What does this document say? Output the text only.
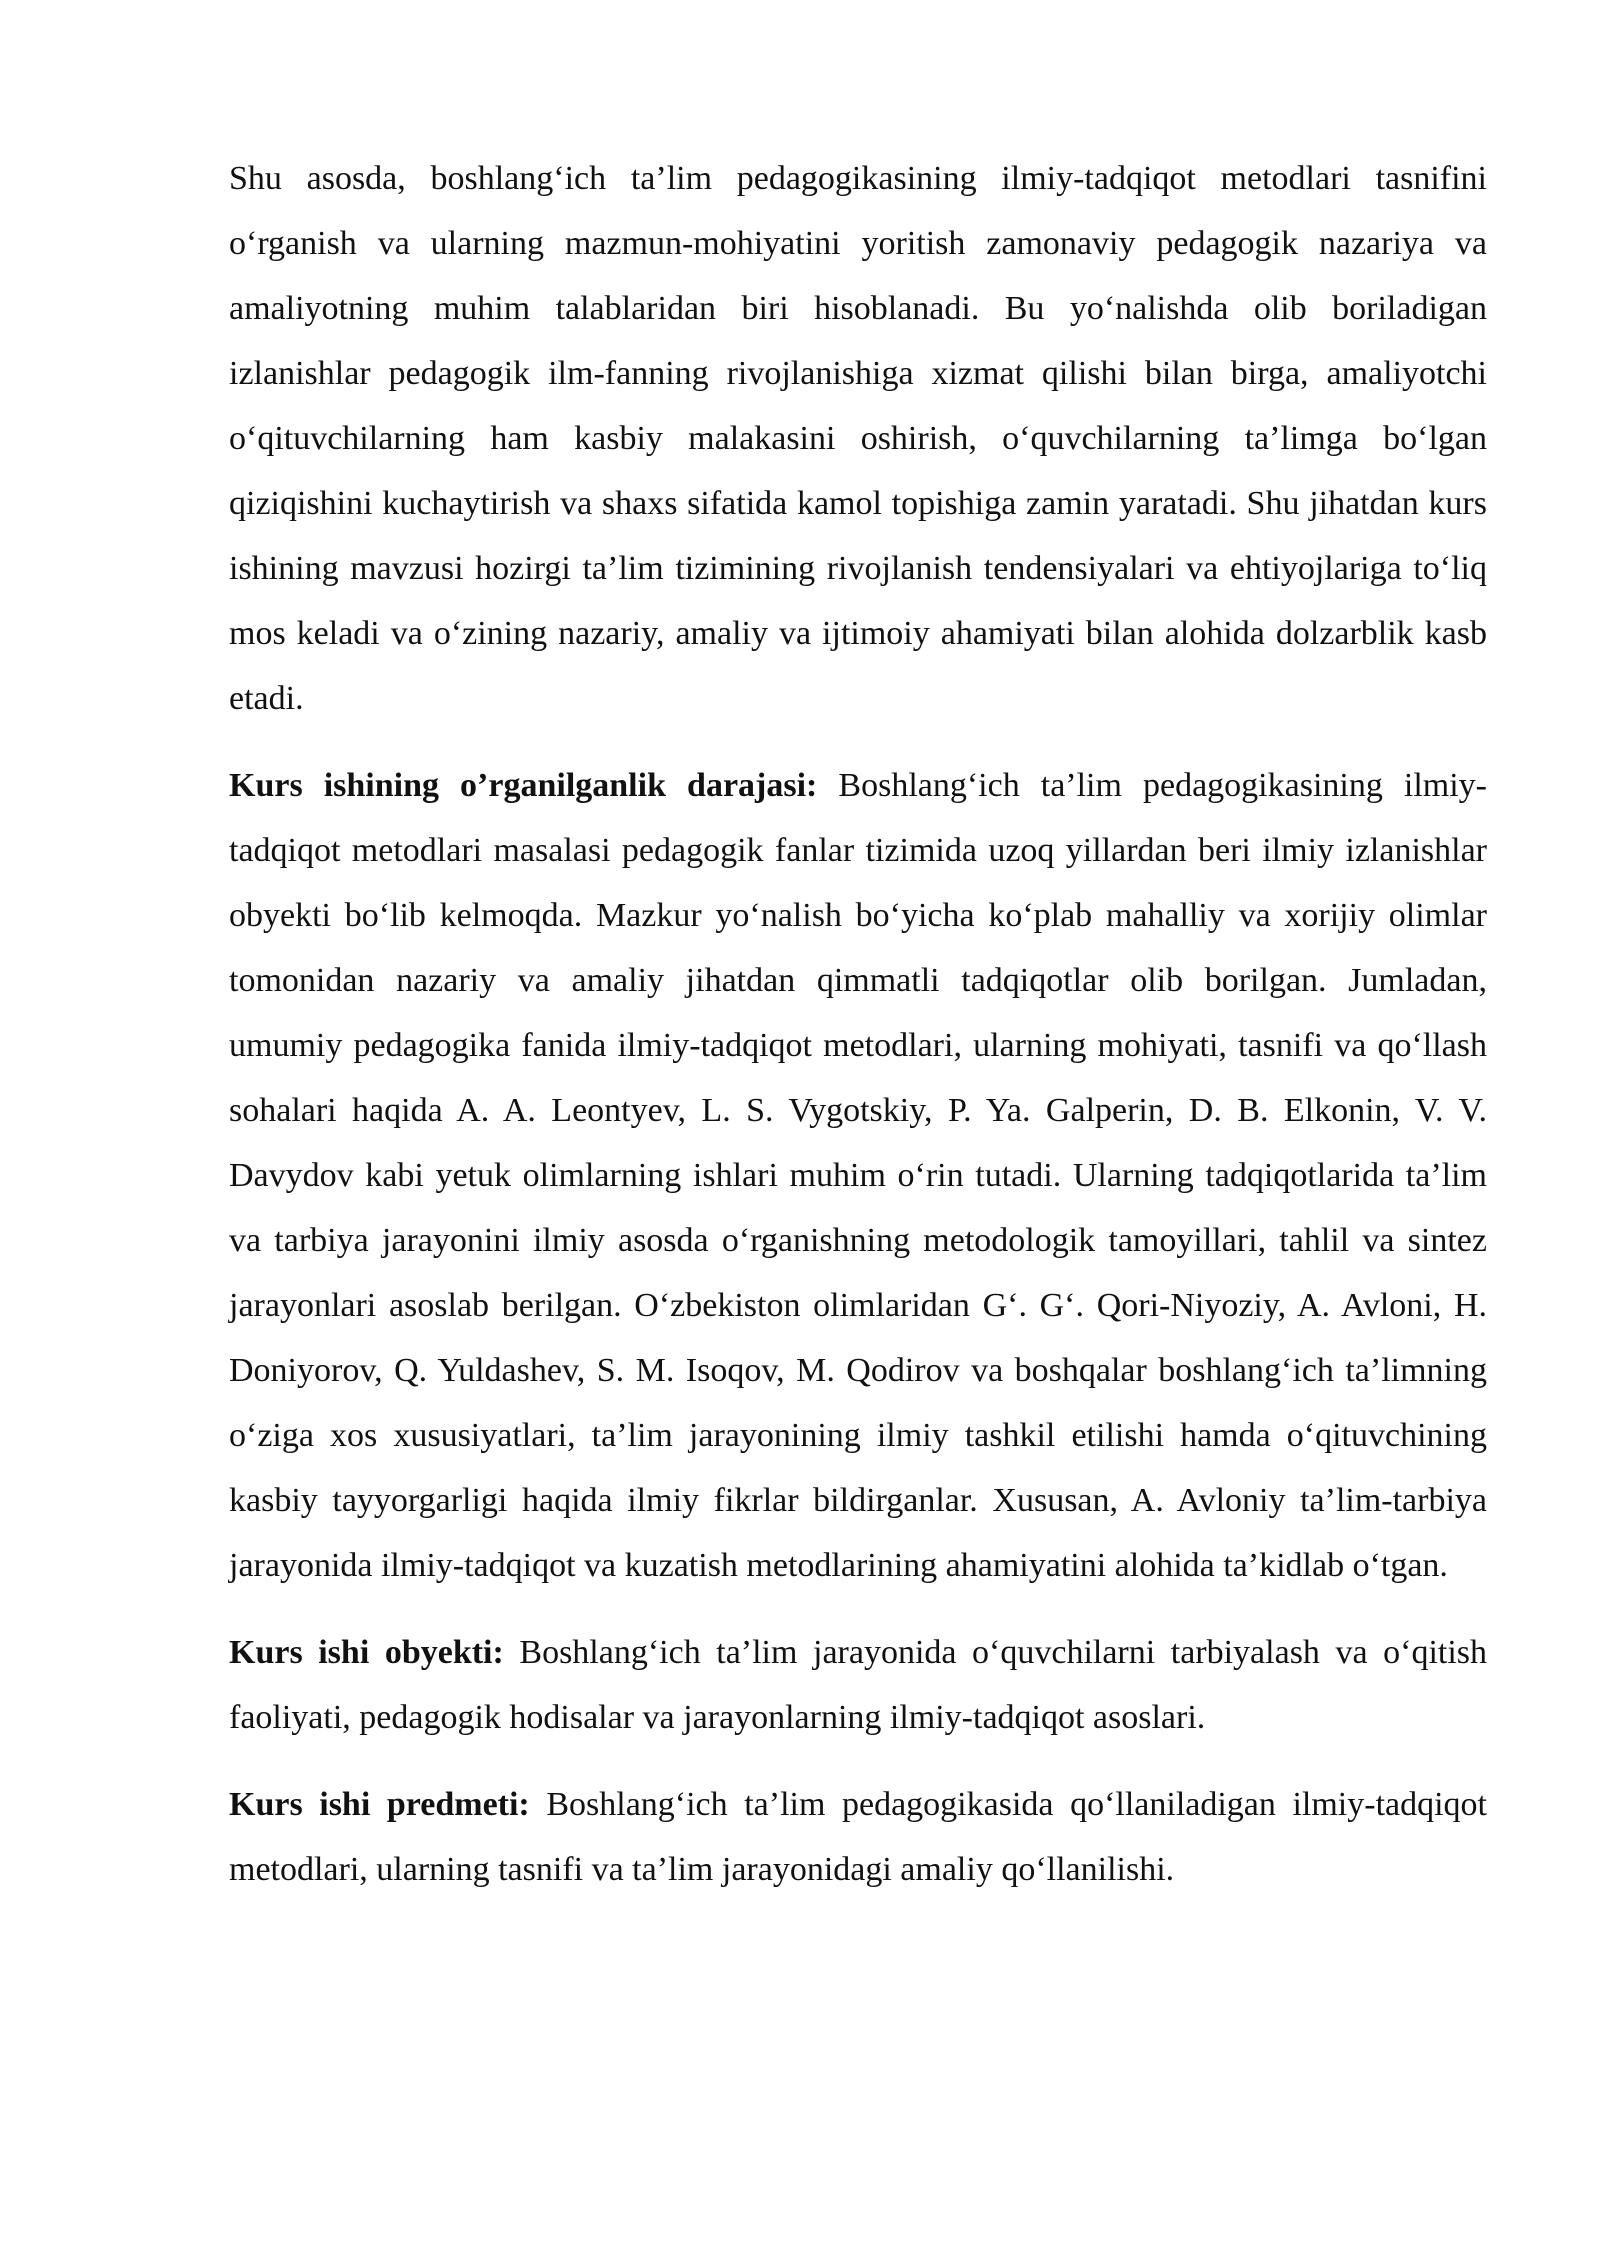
Shu asosda, boshlang‘ich ta’lim pedagogikasining ilmiy-tadqiqot metodlari tasnifini o‘rganish va ularning mazmun-mohiyatini yoritish zamonaviy pedagogik nazariya va amaliyotning muhim talablaridan biri hisoblanadi. Bu yo‘nalishda olib boriladigan izlanishlar pedagogik ilm-fanning rivojlanishiga xizmat qilishi bilan birga, amaliyotchi o‘qituvchilarning ham kasbiy malakasini oshirish, o‘quvchilarning ta’limga bo‘lgan qiziqishini kuchaytirish va shaxs sifatida kamol topishiga zamin yaratadi. Shu jihatdan kurs ishining mavzusi hozirgi ta’lim tizimining rivojlanish tendensiyalari va ehtiyojlariga to‘liq mos keladi va o‘zining nazariy, amaliy va ijtimoiy ahamiyati bilan alohida dolzarblik kasb etadi.

Kurs ishining o’rganilganlik darajasi: Boshlang‘ich ta’lim pedagogikasining ilmiy-tadqiqot metodlari masalasi pedagogik fanlar tizimida uzoq yillardan beri ilmiy izlanishlar obyekti bo‘lib kelmoqda. Mazkur yo‘nalish bo‘yicha ko‘plab mahalliy va xorijiy olimlar tomonidan nazariy va amaliy jihatdan qimmatli tadqiqotlar olib borilgan. Jumladan, umumiy pedagogika fanida ilmiy-tadqiqot metodlari, ularning mohiyati, tasnifi va qo‘llash sohalari haqida A. A. Leontyev, L. S. Vygotskiy, P. Ya. Galperin, D. B. Elkonin, V. V. Davydov kabi yetuk olimlarning ishlari muhim o‘rin tutadi. Ularning tadqiqotlarida ta’lim va tarbiya jarayonini ilmiy asosda o‘rganishning metodologik tamoyillari, tahlil va sintez jarayonlari asoslab berilgan. O‘zbekiston olimlaridan G‘. G‘. Qori-Niyoziy, A. Avloni, H. Doniyorov, Q. Yuldashev, S. M. Isoqov, M. Qodirov va boshqalar boshlang‘ich ta’limning o‘ziga xos xususiyatlari, ta’lim jarayonining ilmiy tashkil etilishi hamda o‘qituvchining kasbiy tayyorgarligi haqida ilmiy fikrlar bildirganlar. Xususan, A. Avloniy ta’lim-tarbiya jarayonida ilmiy-tadqiqot va kuzatish metodlarining ahamiyatini alohida ta’kidlab o‘tgan.

Kurs ishi obyekti: Boshlang‘ich ta’lim jarayonida o‘quvchilarni tarbiyalash va o‘qitish faoliyati, pedagogik hodisalar va jarayonlarning ilmiy-tadqiqot asoslari.

Kurs ishi predmeti: Boshlang‘ich ta’lim pedagogikasida qo‘llaniladigan ilmiy-tadqiqot metodlari, ularning tasnifi va ta’lim jarayonidagi amaliy qo‘llanilishi.
